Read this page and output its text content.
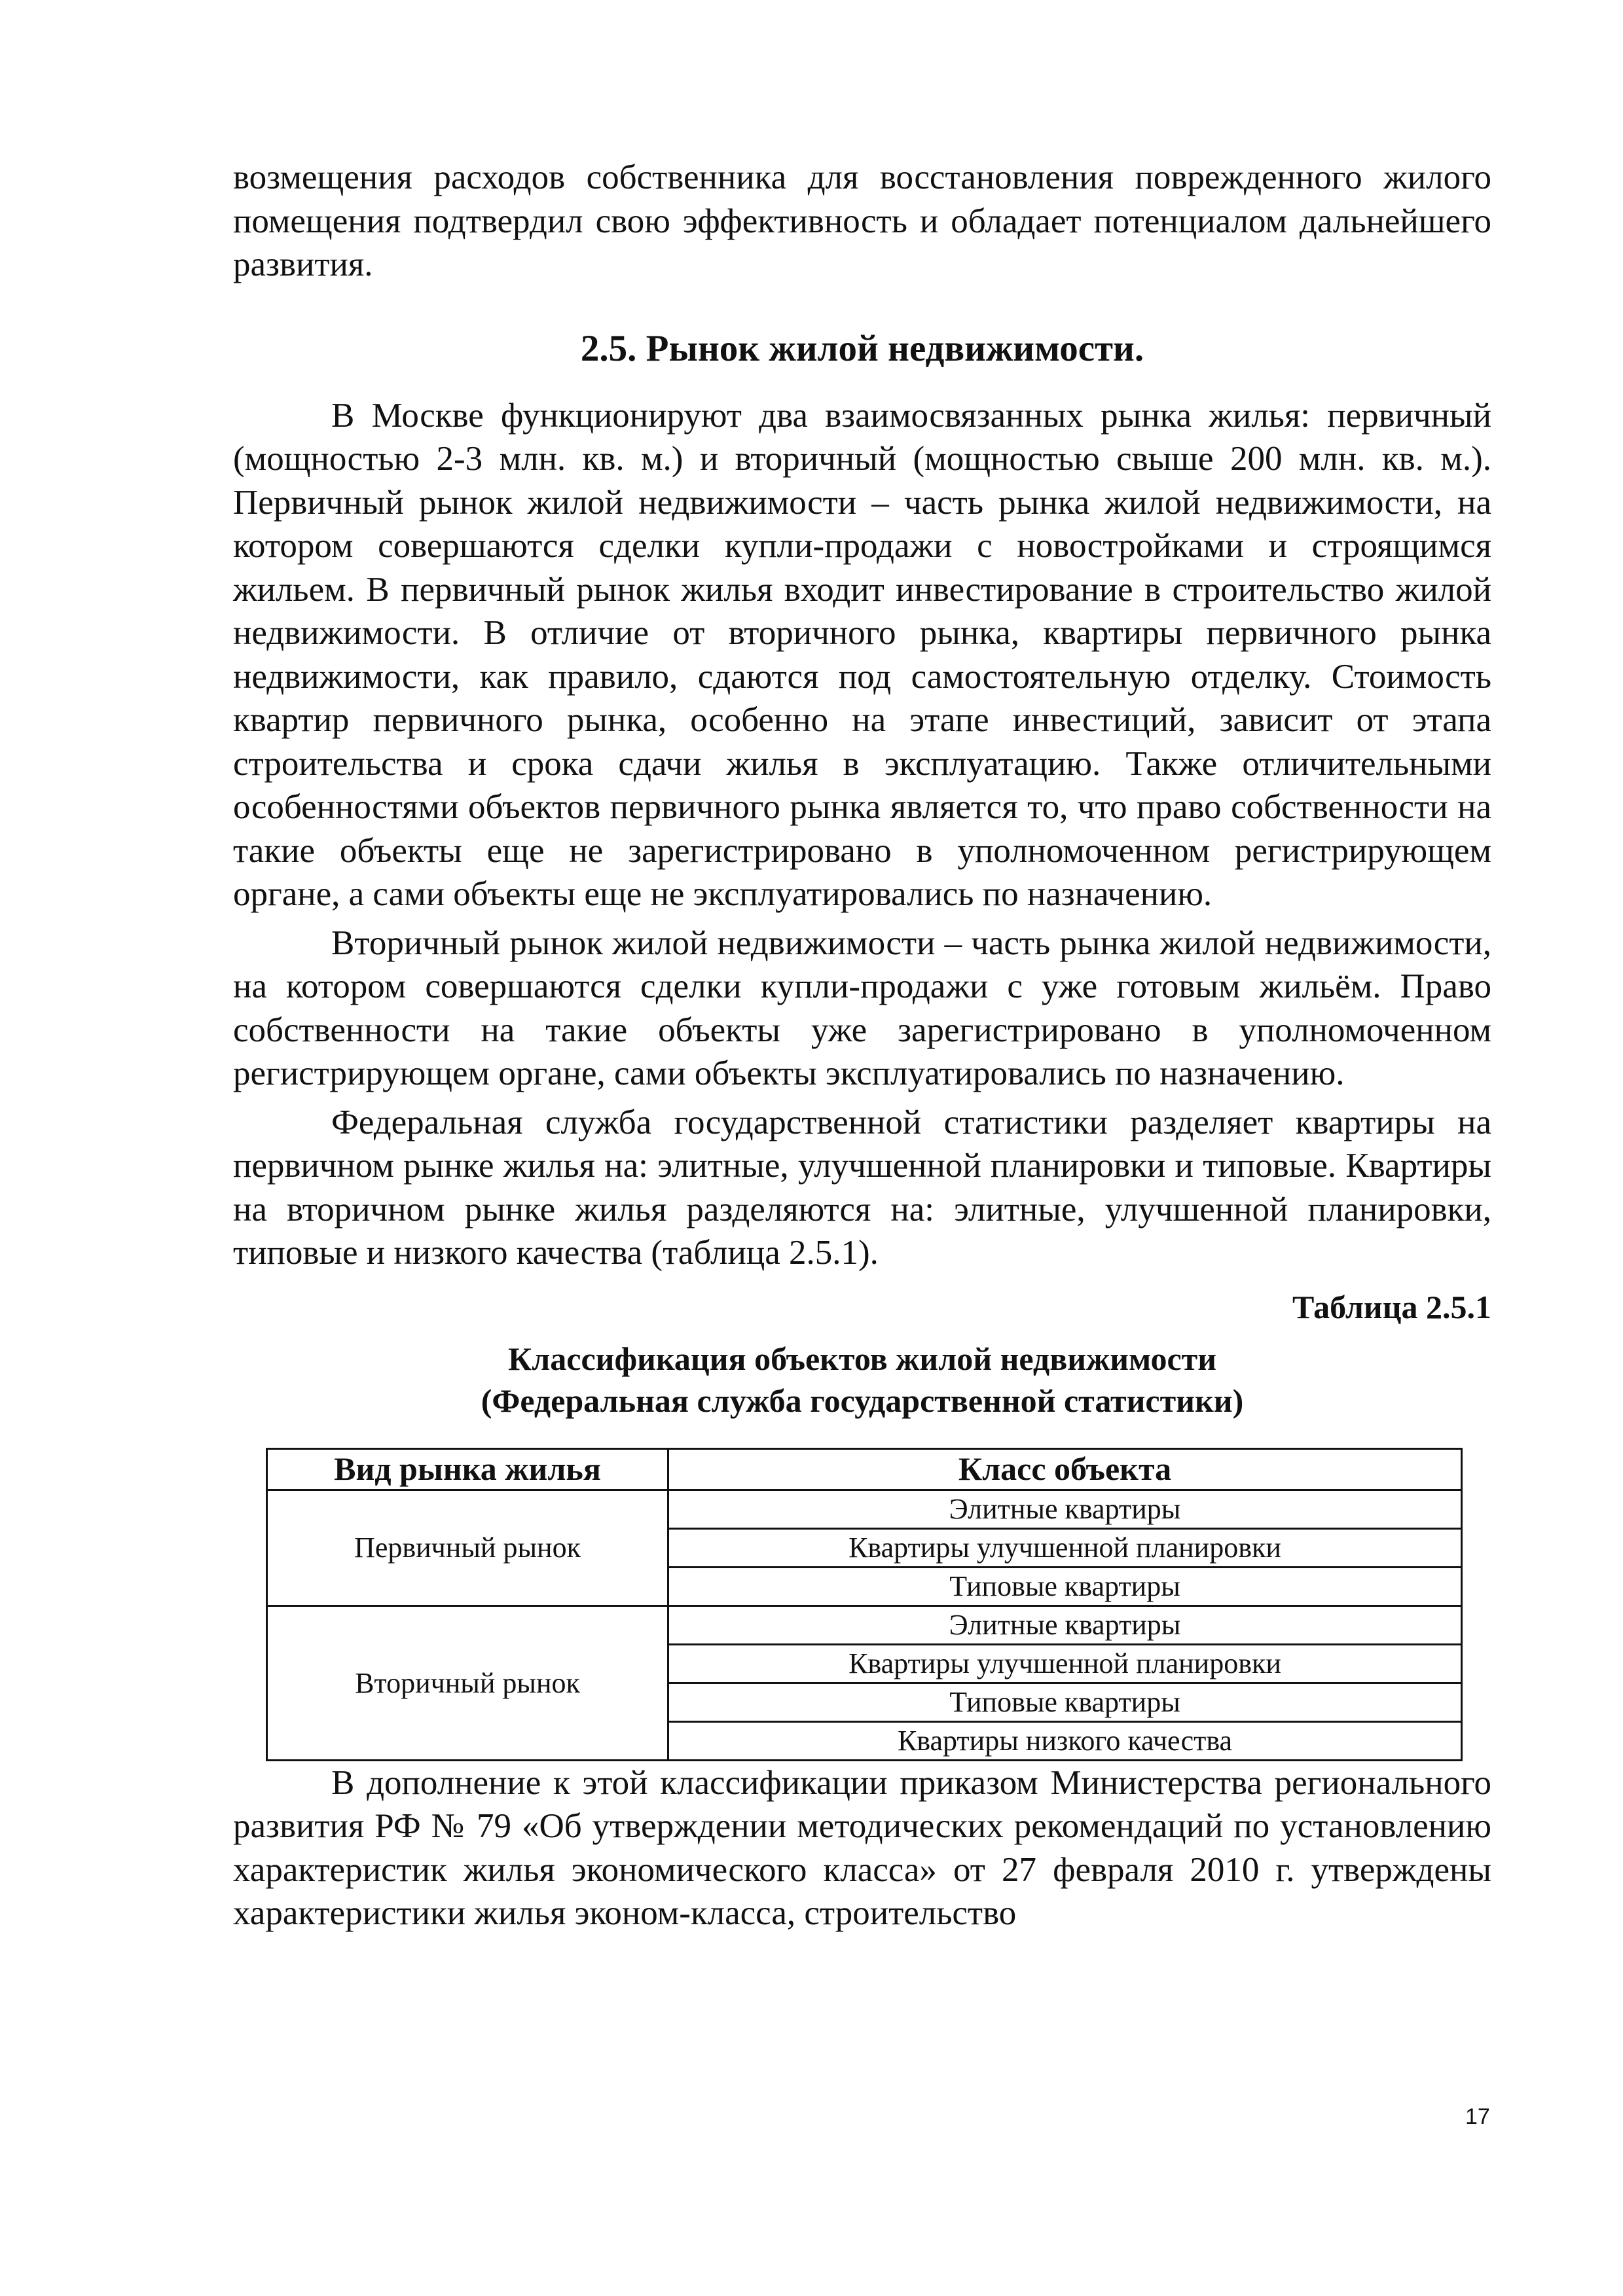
возмещения расходов собственника для восстановления поврежденного жилого помещения подтвердил свою эффективность и обладает потенциалом дальнейшего развития.

2.5. Рынок жилой недвижимости.

В Москве функционируют два взаимосвязанных рынка жилья: первичный (мощностью 2-3 млн. кв. м.) и вторичный (мощностью свыше 200 млн. кв. м.). Первичный рынок жилой недвижимости – часть рынка жилой недвижимости, на котором совершаются сделки купли-продажи с новостройками и строящимся жильем. В первичный рынок жилья входит инвестирование в строительство жилой недвижимости. В отличие от вторичного рынка, квартиры первичного рынка недвижимости, как правило, сдаются под самостоятельную отделку. Стоимость квартир первичного рынка, особенно на этапе инвестиций, зависит от этапа строительства и срока сдачи жилья в эксплуатацию. Также отличительными особенностями объектов первичного рынка является то, что право собственности на такие объекты еще не зарегистрировано в уполномоченном регистрирующем органе, а сами объекты еще не эксплуатировались по назначению.

Вторичный рынок жилой недвижимости – часть рынка жилой недвижимости, на котором совершаются сделки купли-продажи с уже готовым жильём. Право собственности на такие объекты уже зарегистрировано в уполномоченном регистрирующем органе, сами объекты эксплуатировались по назначению.

Федеральная служба государственной статистики разделяет квартиры на первичном рынке жилья на: элитные, улучшенной планировки и типовые. Квартиры на вторичном рынке жилья разделяются на: элитные, улучшенной планировки, типовые и низкого качества (таблица 2.5.1).

Таблица 2.5.1
Классификация объектов жилой недвижимости
(Федеральная служба государственной статистики)
Вид рынка жилья	Класс объекта
Первичный рынок	Элитные квартиры
	Квартиры улучшенной планировки
	Типовые квартиры
Вторичный рынок	Элитные квартиры
	Квартиры улучшенной планировки
	Типовые квартиры
	Квартиры низкого качества

В дополнение к этой классификации приказом Министерства регионального развития РФ № 79 «Об утверждении методических рекомендаций по установлению характеристик жилья экономического класса» от 27 февраля 2010 г. утверждены характеристики жилья эконом-класса, строительство

17
